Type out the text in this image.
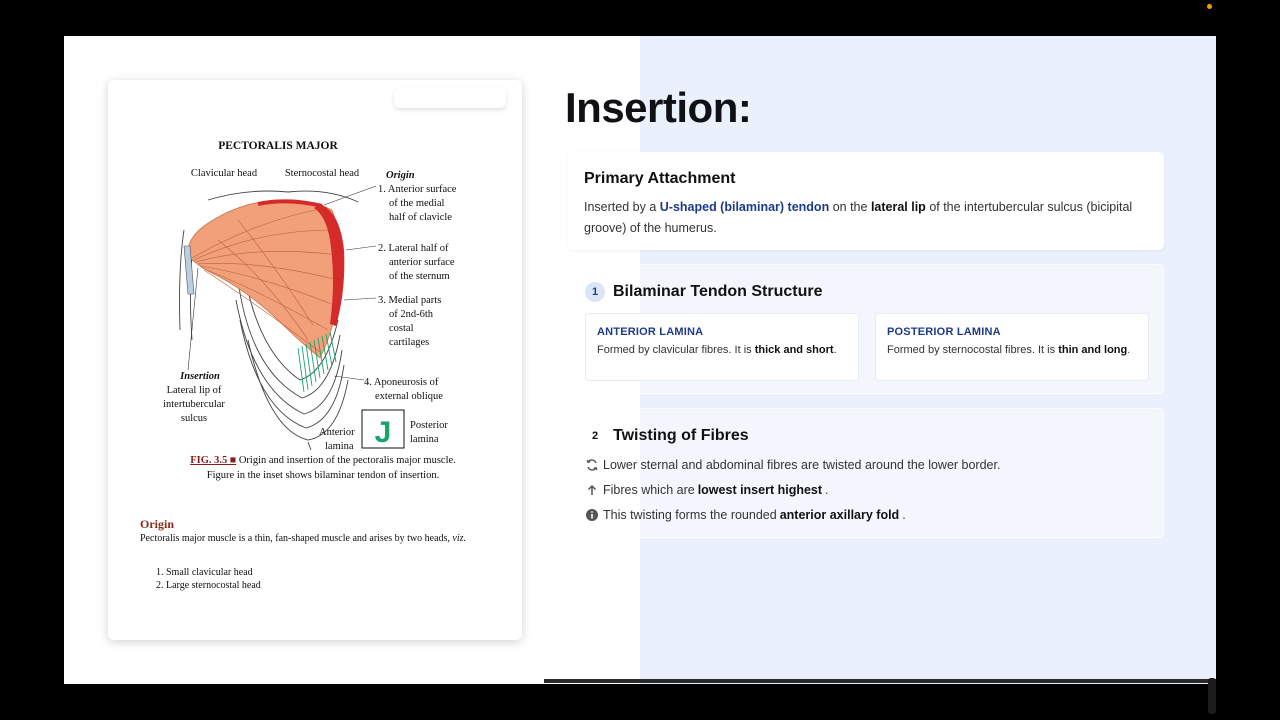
PECTORALIS MAJOR
Clavicular head	Sternocostal head	Origin
1. Anterior surface
of the medial
half of clavicle
2. Lateral half of
anterior surface
of the sternum
3. Medial parts
of 2nd-6th
costal
cartilages
4. Aponeurosis of
external oblique
Insertion
Lateral lip of
intertubercular
sulcus	J
Anterior
lamina
Posterior
lamina
FIG. 3.5 ■ Origin and insertion of the pectoralis major muscle. Figure in the inset shows bilaminar tendon of insertion.
Origin
Pectoralis major muscle is a thin, fan-shaped muscle and arises by two heads, viz.
1. Small clavicular head
2. Large sternocostal head
Insertion:
Primary Attachment
Inserted by a U-shaped (bilaminar) tendon on the lateral lip of the intertubercular sulcus (bicipital groove) of the humerus.
1 Bilaminar Tendon Structure
ANTERIOR LAMINA
Formed by clavicular fibres. It is thick and short.
POSTERIOR LAMINA
Formed by sternocostal fibres. It is thin and long.
2 Twisting of Fibres
Lower sternal and abdominal fibres are twisted around the lower border.
Fibres which are lowest insert highest .
This twisting forms the rounded anterior axillary fold .
